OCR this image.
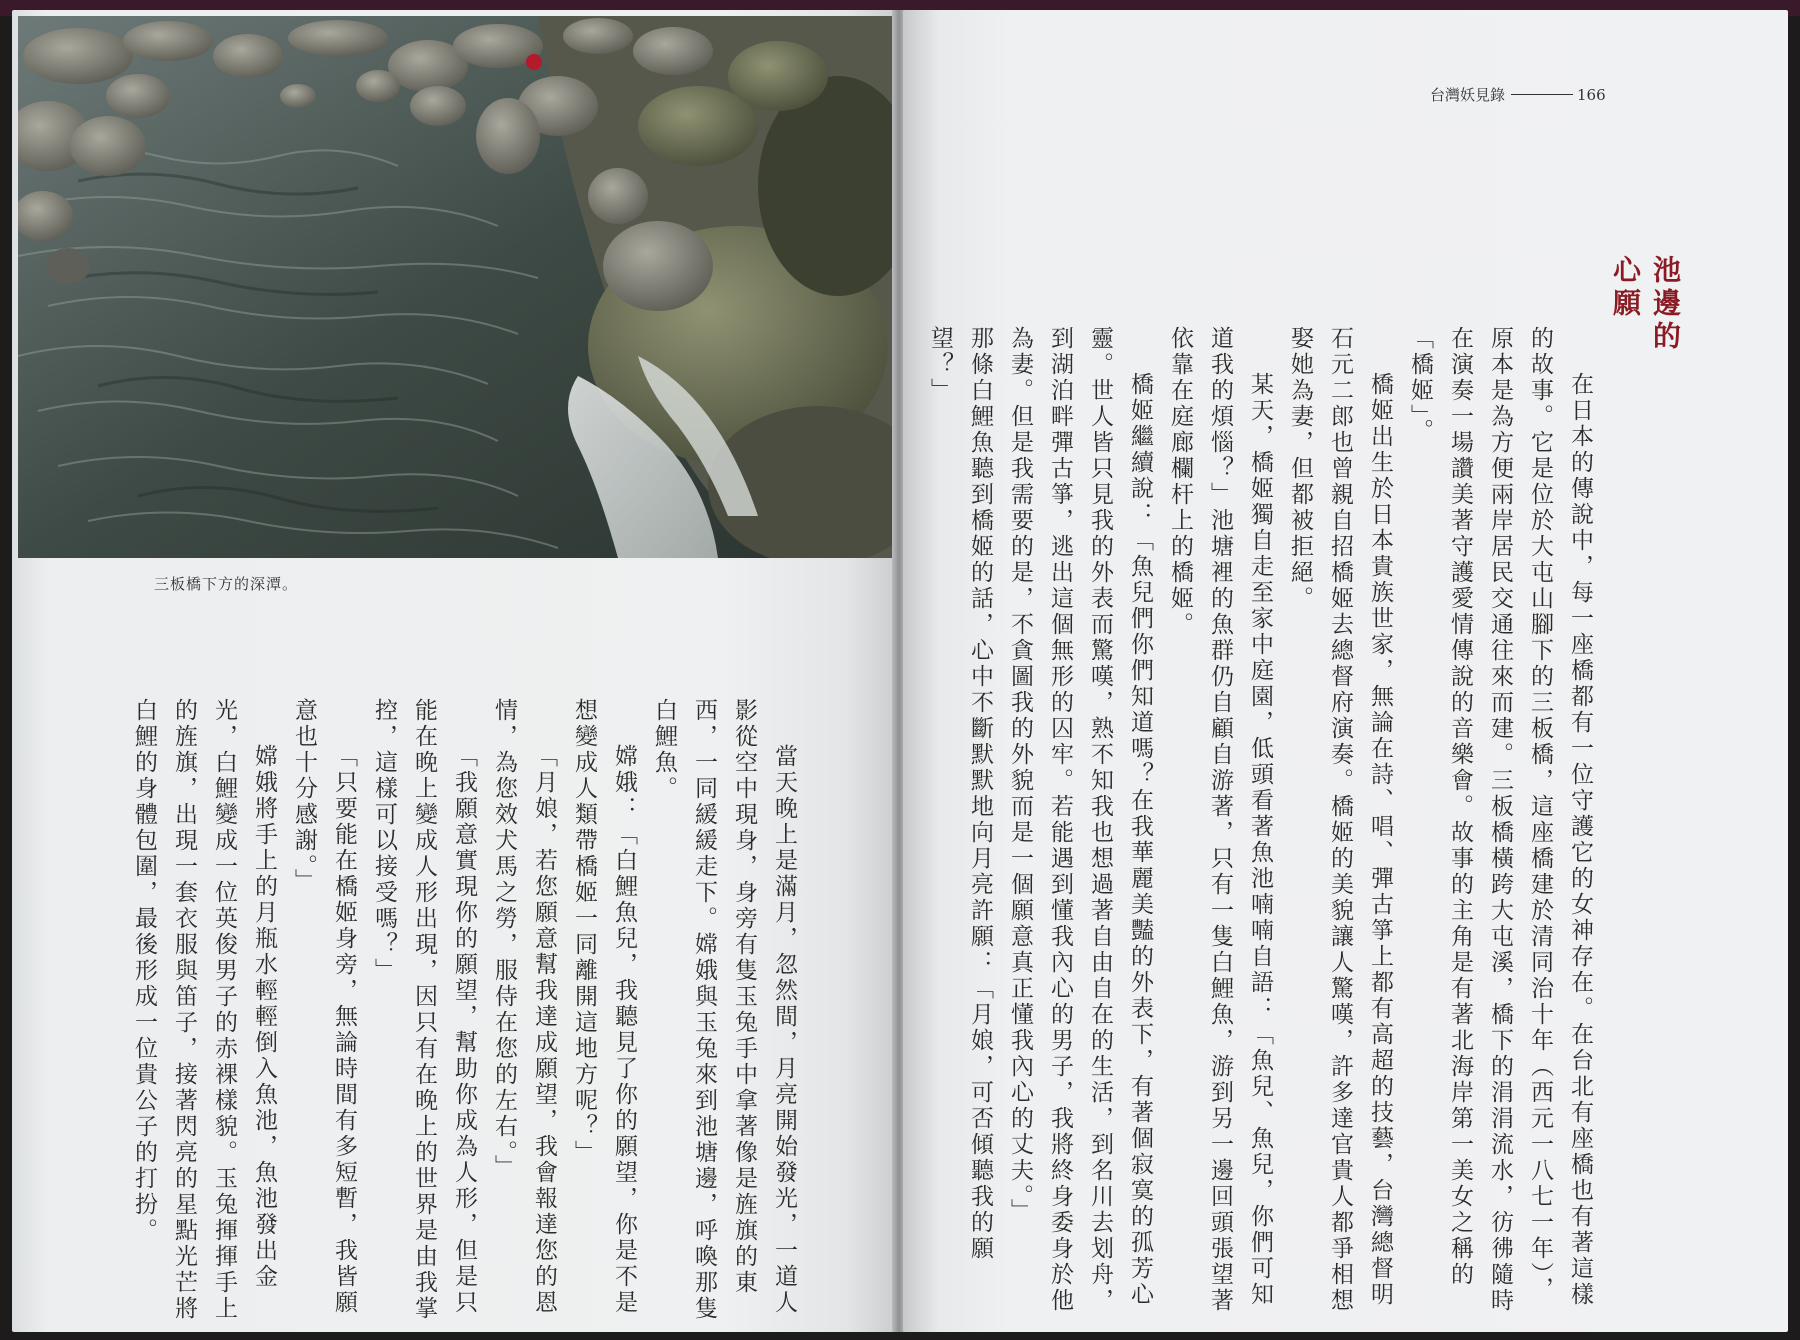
三板橋下方的深潭。

當天晚上是滿月，忽然間，月亮開始發光，一道人影從空中現身，身旁有隻玉兔手中拿著像是旌旗的東西，一同緩緩走下。嫦娥與玉兔來到池塘邊，呼喚那隻白鯉魚。

嫦娥：「白鯉魚兒，我聽見了你的願望，你是不是想變成人類帶橋姬一同離開這地方呢？」

「月娘，若您願意幫我達成願望，我會報達您的恩情，為您效犬馬之勞，服侍在您的左右。」

「我願意實現你的願望，幫助你成為人形，但是只能在晚上變成人形出現，因只有在晚上的世界是由我掌控，這樣可以接受嗎？」

「只要能在橋姬身旁，無論時間有多短暫，我皆願意也十分感謝。」

嫦娥將手上的月瓶水輕輕倒入魚池，魚池發出金光，白鯉變成一位英俊男子的赤裸樣貌。玉兔揮揮手上的旌旗，出現一套衣服與笛子，接著閃亮的星點光芒將白鯉的身體包圍，最後形成一位貴公子的打扮。

台灣妖見錄	166

池邊的心願

在日本的傳說中，每一座橋都有一位守護它的女神存在。在台北有座橋也有著這樣的故事。它是位於大屯山腳下的三板橋，這座橋建於清同治十年（西元一八七一年），原本是為方便兩岸居民交通往來而建。三板橋橫跨大屯溪，橋下的涓涓流水，彷彿隨時在演奏一場讚美著守護愛情傳說的音樂會。故事的主角是有著北海岸第一美女之稱的「橋姬」。

橋姬出生於日本貴族世家，無論在詩、唱、彈古箏上都有高超的技藝，台灣總督明石元二郎也曾親自招橋姬去總督府演奏。橋姬的美貌讓人驚嘆，許多達官貴人都爭相想娶她為妻，但都被拒絕。

某天，橋姬獨自走至家中庭園，低頭看著魚池喃喃自語：「魚兒、魚兒，你們可知道我的煩惱？」池塘裡的魚群仍自顧自游著，只有一隻白鯉魚，游到另一邊回頭張望著依靠在庭廊欄杆上的橋姬。

橋姬繼續說：「魚兒們你們知道嗎？在我華麗美豔的外表下，有著個寂寞的孤芳心靈。世人皆只見我的外表而驚嘆，熟不知我也想過著自由自在的生活，到名川去划舟，到湖泊畔彈古箏，逃出這個無形的囚牢。若能遇到懂我內心的男子，我將終身委身於他為妻。但是我需要的是，不貪圖我的外貌而是一個願意真正懂我內心的丈夫。」

那條白鯉魚聽到橋姬的話，心中不斷默默地向月亮許願：「月娘，可否傾聽我的願望？」
